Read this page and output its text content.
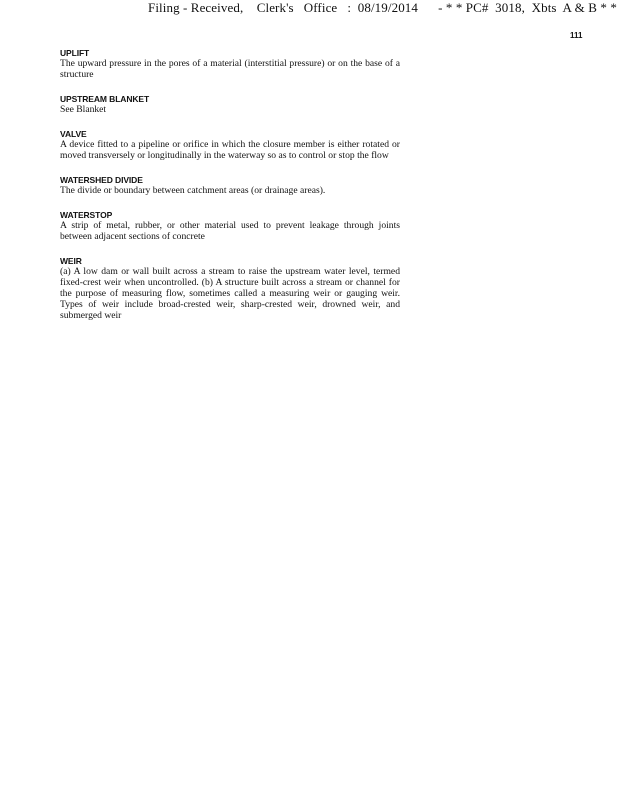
Filing - Received,    Clerk's   Office   :  08/19/2014      - * * PC#  3018,  Xbts  A & B * *
111
UPLIFT
The upward pressure in the pores of a material (interstitial pressure) or on the base of a structure
UPSTREAM BLANKET
See Blanket
VALVE
A device fitted to a pipeline or orifice in which the closure member is either rotated or moved transversely or longitudinally in the waterway so as to control or stop the flow
WATERSHED DIVIDE
The divide or boundary between catchment areas (or drainage areas).
WATERSTOP
A strip of metal, rubber, or other material used to prevent leakage through joints between adjacent sections of concrete
WEIR
(a) A low dam or wall built across a stream to raise the upstream water level, termed fixed-crest weir when uncontrolled. (b) A structure built across a stream or channel for the purpose of measuring flow, sometimes called a measuring weir or gauging weir. Types of weir include broad-crested weir, sharp-crested weir, drowned weir, and submerged weir
